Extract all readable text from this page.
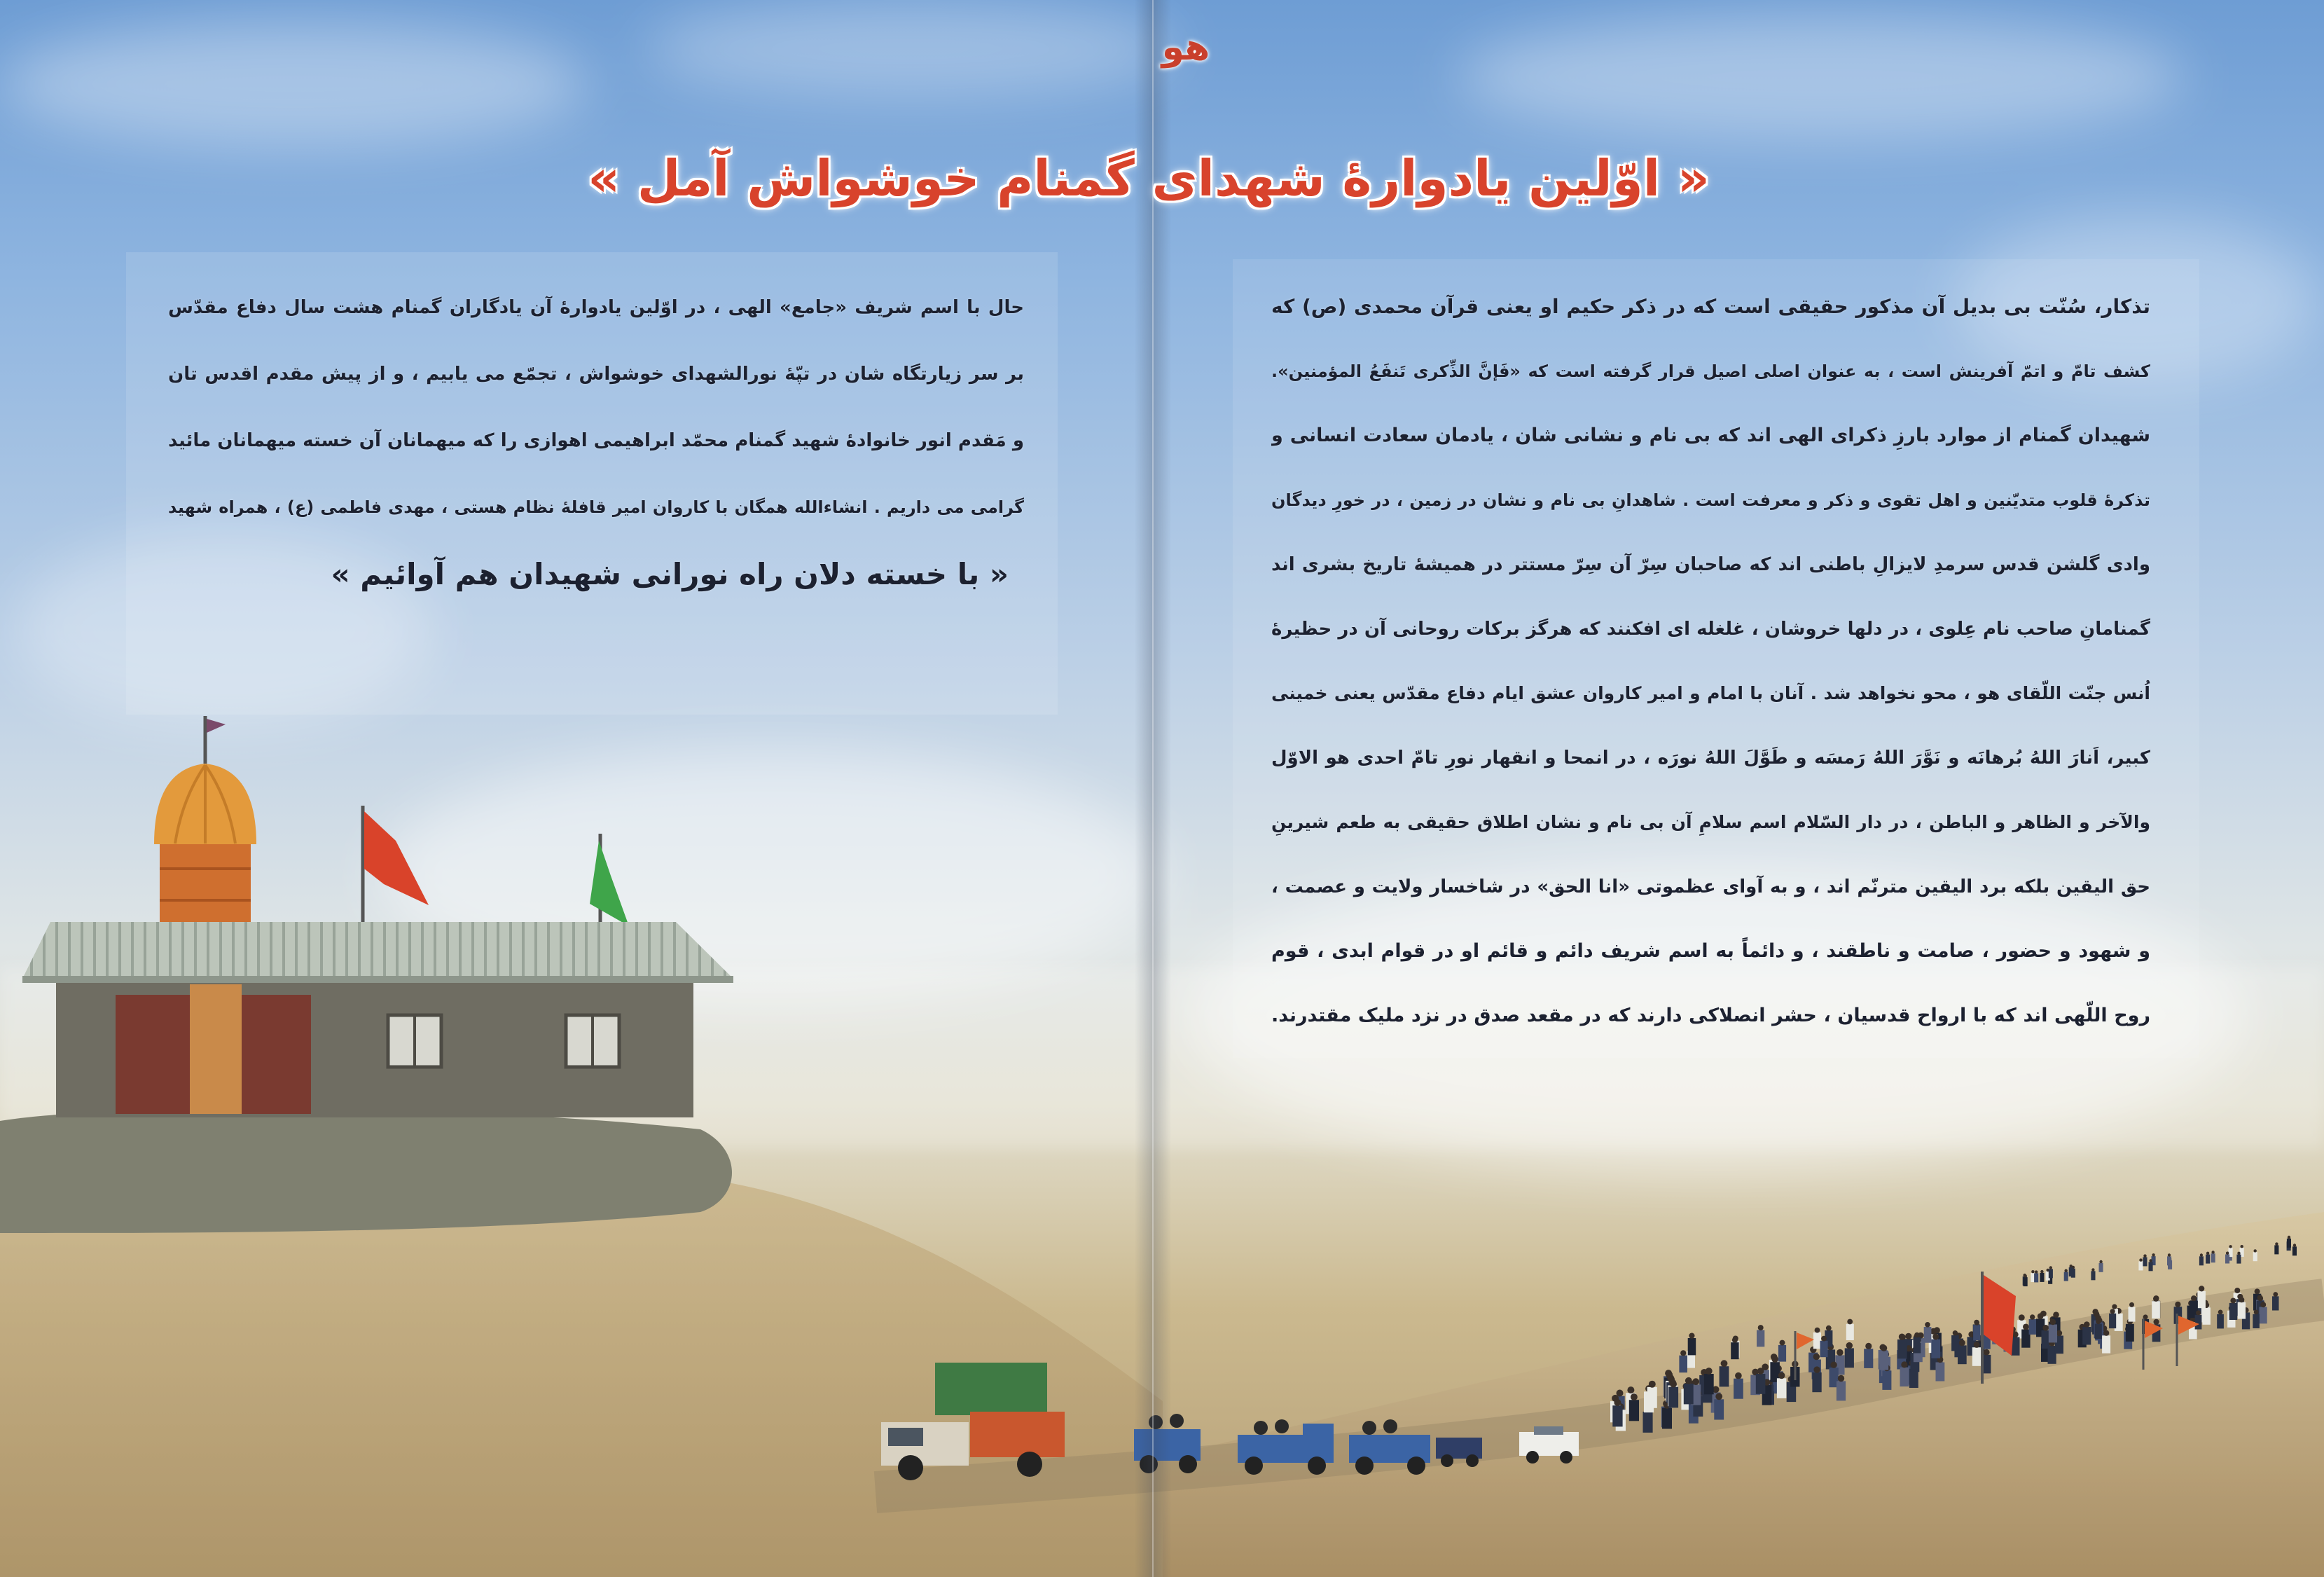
هو
« اوّلین یادوارهٔ شهدای گمنام خوشواش آمل »
تذکار، سُنّت بی بدیل آن مذکور حقیقی است که در ذکر حکیم او یعنی قرآن محمدی (ص) که
کشف تامّ و اتمّ آفرینش است ، به عنوان اصلی اصیل قرار گرفته است که «فَإنَّ الذِّکری تَنفَعُ المؤمنین».
شهیدان گمنام از موارد بارزِ ذکرای الهی اند که بی نام و نشانی شان ، یادمان سعادت انسانی و
تذکرهٔ قلوب متدیّنین و اهل تقوی و ذکر و معرفت است . شاهدانِ بی نام و نشان در زمین ، در خورِ دیدگان
وادی گلشن قدس سرمدِ لایزالِ باطنی اند که صاحبان سِرّ آن سِرّ مستتر در همیشهٔ تاریخ بشری اند
گمنامانِ صاحب نام عِلوی ، در دلها خروشان ، غلغله ای افکنند که هرگز برکات روحانی آن در حظیرهٔ
اُنس جنّت اللّقای هو ، محو نخواهد شد . آنان با امام و امیر کاروان عشق ایام دفاع مقدّس یعنی خمینی
کبیر، اَنارَ اللهُ بُرهانَه و نَوَّرَ اللهُ رَمسَه و طَوَّلَ اللهُ نورَه ، در انمحا و انقهار نورِ تامّ احدی هو الاوّل
والآخر و الظاهر و الباطن ، در دار السّلام اسم سلامِ آن بی نام و نشان اطلاق حقیقی به طعم شیرینِ
حق الیقین بلکه برد الیقین مترنّم اند ، و به آوای عظموتی «انا الحق» در شاخسار ولایت و عصمت ،
و شهود و حضور ، صامت و ناطقند ، و دائماً به اسم شریف دائم و قائم او در قوام ابدی ، قوم
روح اللّهی اند که با ارواح قدسیان ، حشر انصلاکی دارند که در مقعد صدق در نزد ملیک مقتدرند.
حال با اسم شریف «جامع» الهی ، در اوّلین یادوارهٔ آن یادگاران گمنام هشت سال دفاع مقدّس
بر سر زیارتگاه شان در تپّهٔ نورالشهدای خوشواش ، تجمّع می یابیم ، و از پیش مقدم اقدس تان
و مَقدم انور خانوادهٔ شهید گمنام محمّد ابراهیمی اهوازی را که میهمانان آن خسته میهمانان مائید
گرامی می داریم . انشاءالله همگان با کاروان امیر قافلهٔ نظام هستی ، مهدی فاطمی (ع) ، همراه شهید
« با خسته دلان راه نورانی شهیدان هم آوائیم »
